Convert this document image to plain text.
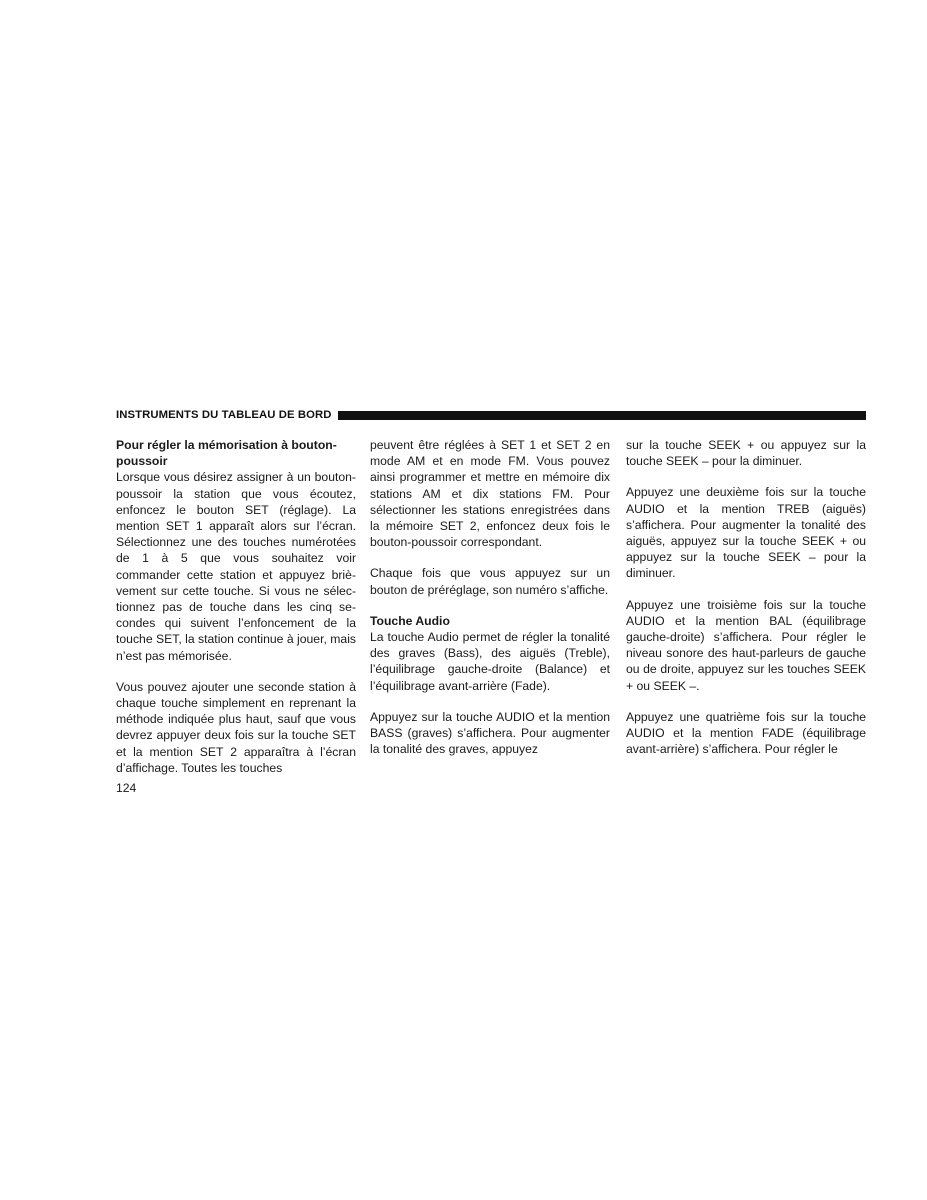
INSTRUMENTS DU TABLEAU DE BORD
Pour régler la mémorisation à bouton-poussoir

Lorsque vous désirez assigner à un bouton-poussoir la station que vous écoutez, enfoncez le bouton SET (réglage). La mention SET 1 apparaît alors sur l’écran. Sélectionnez une des touches numérotées de 1 à 5 que vous souhaitez voir commander cette station et appuyez brièvement sur cette touche. Si vous ne sélectionnez pas de touche dans les cinq secondes qui suivent l’enfoncement de la touche SET, la station continue à jouer, mais n’est pas mémorisée.

Vous pouvez ajouter une seconde station à chaque touche simplement en reprenant la méthode indiquée plus haut, sauf que vous devrez appuyer deux fois sur la touche SET et la mention SET 2 apparaîtra à l’écran d’affichage. Toutes les touches

peuvent être réglées à SET 1 et SET 2 en mode AM et en mode FM. Vous pouvez ainsi programmer et mettre en mémoire dix stations AM et dix stations FM. Pour sélectionner les stations enregistrées dans la mémoire SET 2, enfoncez deux fois le bouton-poussoir correspondant.

Chaque fois que vous appuyez sur un bouton de préréglage, son numéro s’affiche.

Touche Audio

La touche Audio permet de régler la tonalité des graves (Bass), des aiguës (Treble), l’équilibrage gauche-droite (Balance) et l’équilibrage avant-arrière (Fade).

Appuyez sur la touche AUDIO et la mention BASS (graves) s’affichera. Pour augmenter la tonalité des graves, appuyez

sur la touche SEEK + ou appuyez sur la touche SEEK – pour la diminuer.

Appuyez une deuxième fois sur la touche AUDIO et la mention TREB (aiguës) s’affichera. Pour augmenter la tonalité des aiguës, appuyez sur la touche SEEK + ou appuyez sur la touche SEEK – pour la diminuer.

Appuyez une troisième fois sur la touche AUDIO et la mention BAL (équilibrage gauche-droite) s’affichera. Pour régler le niveau sonore des haut-parleurs de gauche ou de droite, appuyez sur les touches SEEK + ou SEEK –.

Appuyez une quatrième fois sur la touche AUDIO et la mention FADE (équilibrage avant-arrière) s’affichera. Pour régler le

124
